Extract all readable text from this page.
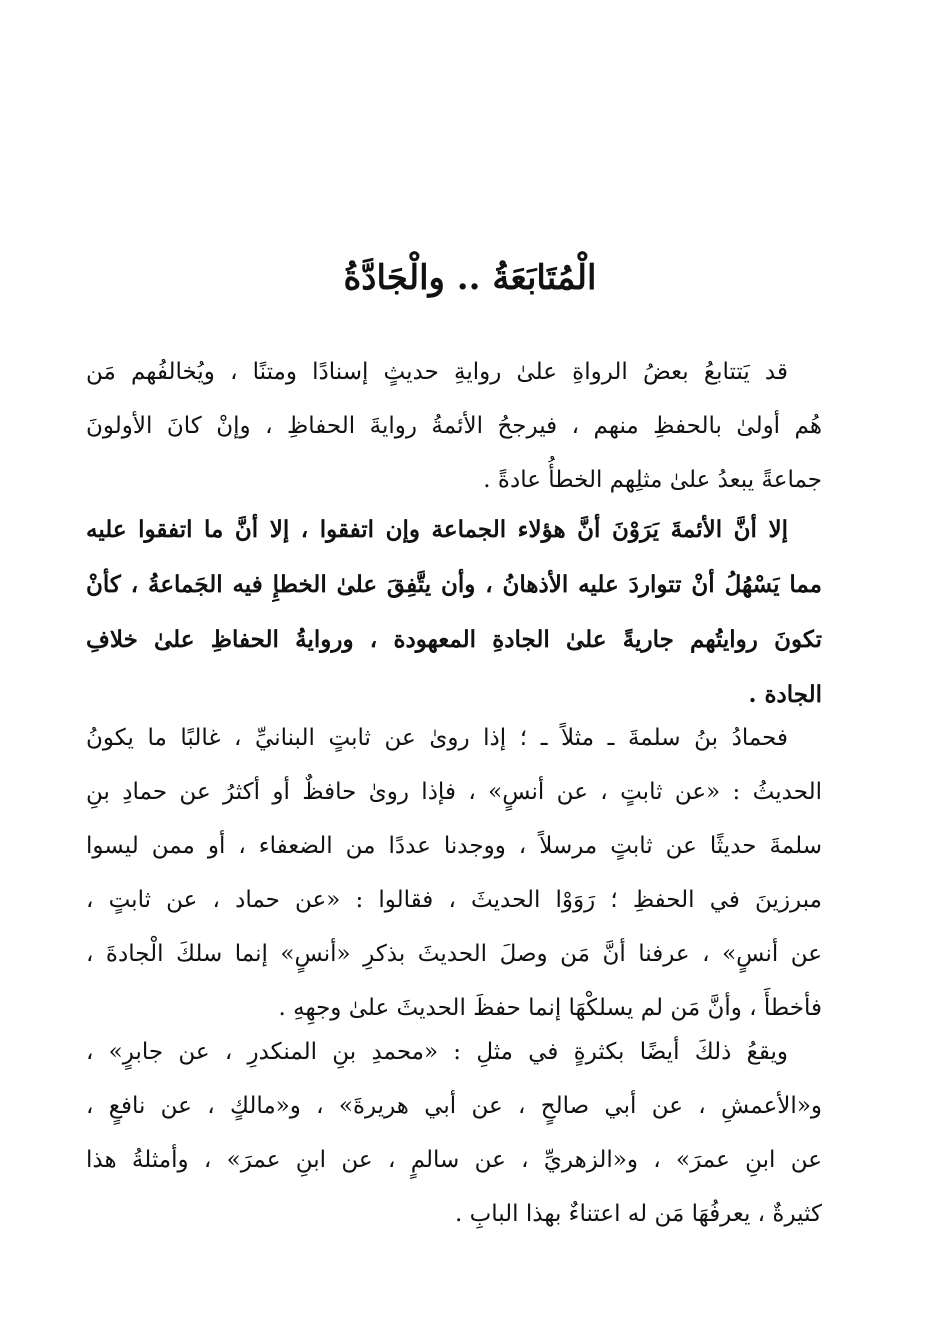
الْمُتَابَعَةُ .. والْجَادَّةُ
قد يَتتابعُ بعضُ الرواةِ علىٰ روايةِ حديثٍ إسنادًا ومتنًا ، ويُخالفُهم مَن
هُم أولىٰ بالحفظِ منهم ، فيرجحُ الأئمةُ روايةَ الحفاظِ ، وإنْ كانَ الأولونَ
جماعةً يبعدُ علىٰ مثلِهم الخطأُ عادةً .
إلا أنَّ الأئمةَ يَرَوْنَ أنَّ هؤلاء الجماعة وإن اتفقوا ، إلا أنَّ ما اتفقوا عليه
مما يَسْهُلُ أنْ تتواردَ عليه الأذهانُ ، وأن يتَّفِقَ علىٰ الخطإِ فيه الجَماعةُ ، كأنْ
تكونَ روايتُهم جاريةً علىٰ الجادةِ المعهودة ، وروايةُ الحفاظِ علىٰ خلافِ
الجادة .
فحمادُ بنُ سلمةَ ـ مثلاً ـ ؛ إذا روىٰ عن ثابتٍ البنانيِّ ، غالبًا ما يكونُ
الحديثُ : «عن ثابتٍ ، عن أنسٍ» ، فإذا روىٰ حافظٌ أو أكثرُ عن حمادِ بنِ
سلمةَ حديثًا عن ثابتٍ مرسلاً ، ووجدنا عددًا من الضعفاء ، أو ممن ليسوا
مبرزينَ في الحفظِ ؛ رَوَوْا الحديثَ ، فقالوا : «عن حماد ، عن ثابتٍ ،
عن أنسٍ» ، عرفنا أنَّ مَن وصلَ الحديثَ بذكرِ «أنسٍ» إنما سلكَ الْجادةَ ،
فأخطأَ ، وأنَّ مَن لم يسلكْهَا إنما حفظَ الحديثَ علىٰ وجهِهِ .
ويقعُ ذلكَ أيضًا بكثرةٍ في مثلِ : «محمدِ بنِ المنكدرِ ، عن جابرٍ» ،
و«الأعمشِ ، عن أبي صالحٍ ، عن أبي هريرةَ» ، و«مالكٍ ، عن نافعٍ ،
عن ابنِ عمرَ» ، و«الزهريِّ ، عن سالمٍ ، عن ابنِ عمرَ» ، وأمثلةُ هذا
كثيرةٌ ، يعرفُهَا مَن له اعتناءٌ بهذا البابِ .
